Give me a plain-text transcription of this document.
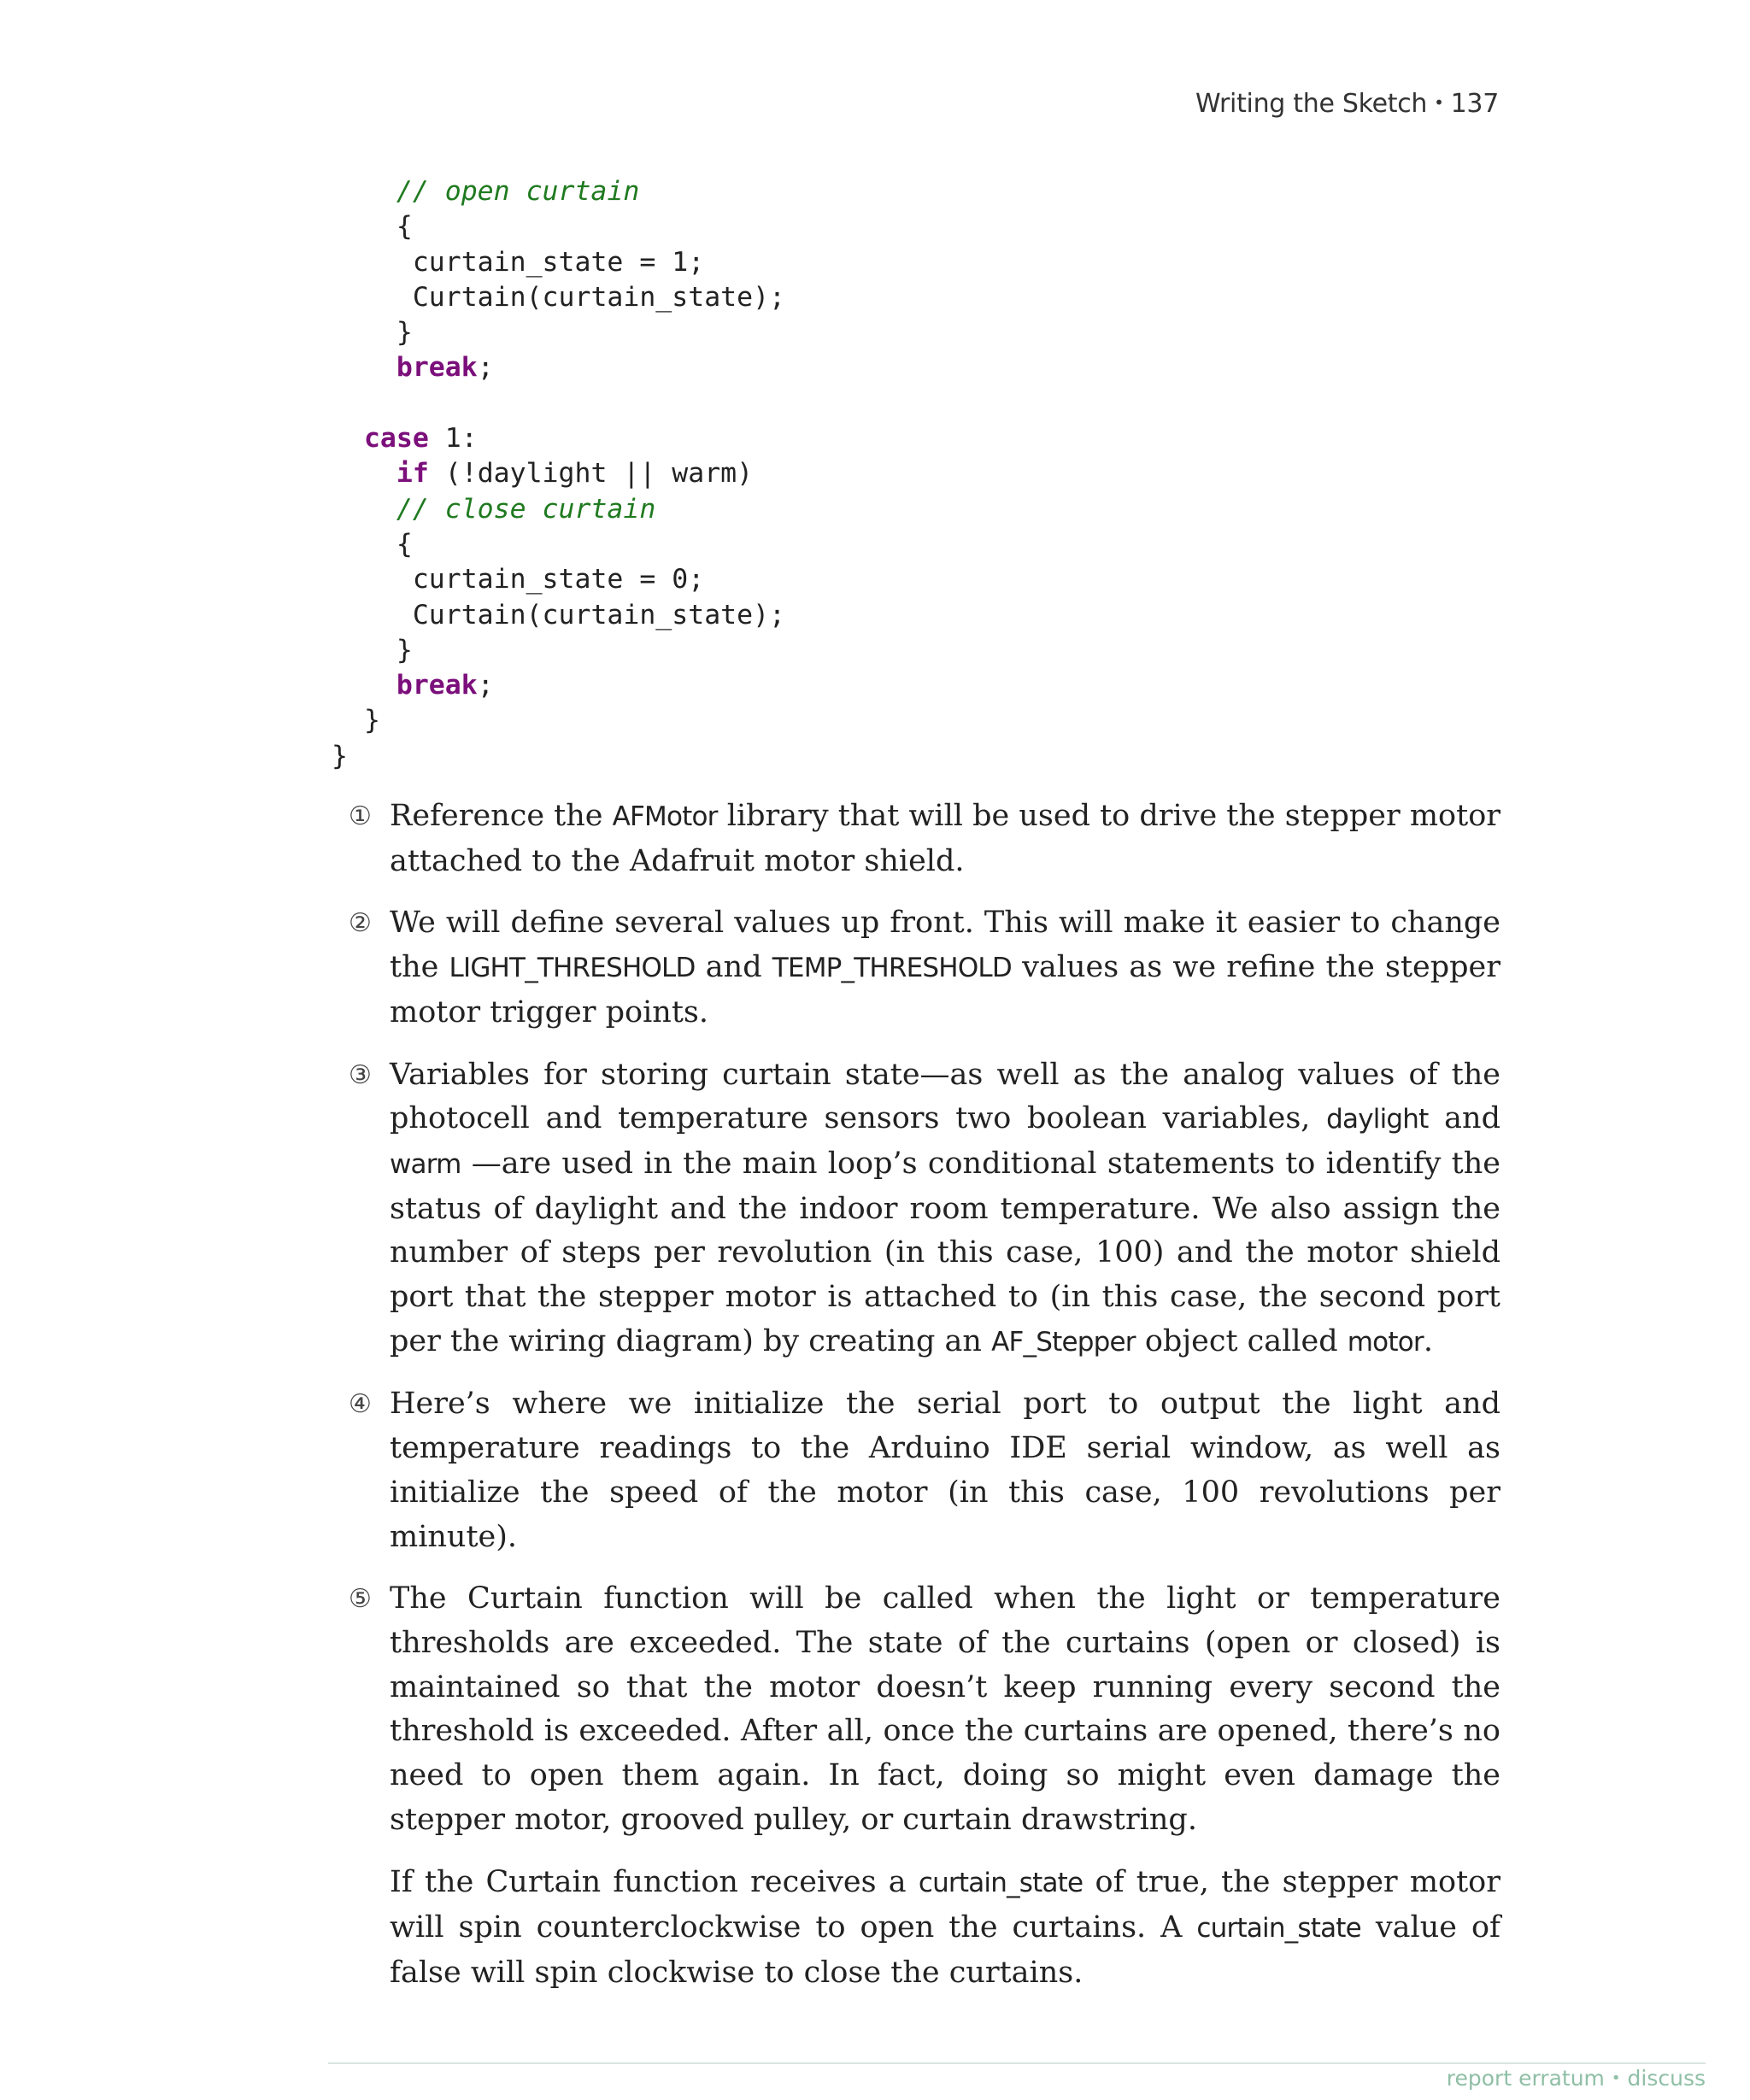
Writing the Sketch • 137
// open curtain
{
curtain_state = 1;
Curtain(curtain_state);
}
break;

case 1:
if (!daylight || warm)
// close curtain
{
curtain_state = 0;
Curtain(curtain_state);
}
break;
}
}
① Reference the AFMotor library that will be used to drive the stepper motor attached to the Adafruit motor shield.

② We will define several values up front. This will make it easier to change the LIGHT_THRESHOLD and TEMP_THRESHOLD values as we refine the stepper motor trigger points.

③ Variables for storing curtain state—as well as the analog values of the photocell and temperature sensors two boolean variables, daylight and warm —are used in the main loop’s conditional statements to identify the status of daylight and the indoor room temperature. We also assign the number of steps per revolution (in this case, 100) and the motor shield port that the stepper motor is attached to (in this case, the second port per the wiring diagram) by creating an AF_Stepper object called motor.

④ Here’s where we initialize the serial port to output the light and temperature readings to the Arduino IDE serial window, as well as initialize the speed of the motor (in this case, 100 revolutions per minute).

⑤ The Curtain function will be called when the light or temperature thresholds are exceeded. The state of the curtains (open or closed) is maintained so that the motor doesn’t keep running every second the threshold is exceeded. After all, once the curtains are opened, there’s no need to open them again. In fact, doing so might even damage the stepper motor, grooved pulley, or curtain drawstring.

If the Curtain function receives a curtain_state of true, the stepper motor will spin counterclockwise to open the curtains. A curtain_state value of false will spin clockwise to close the curtains.

report erratum • discuss
